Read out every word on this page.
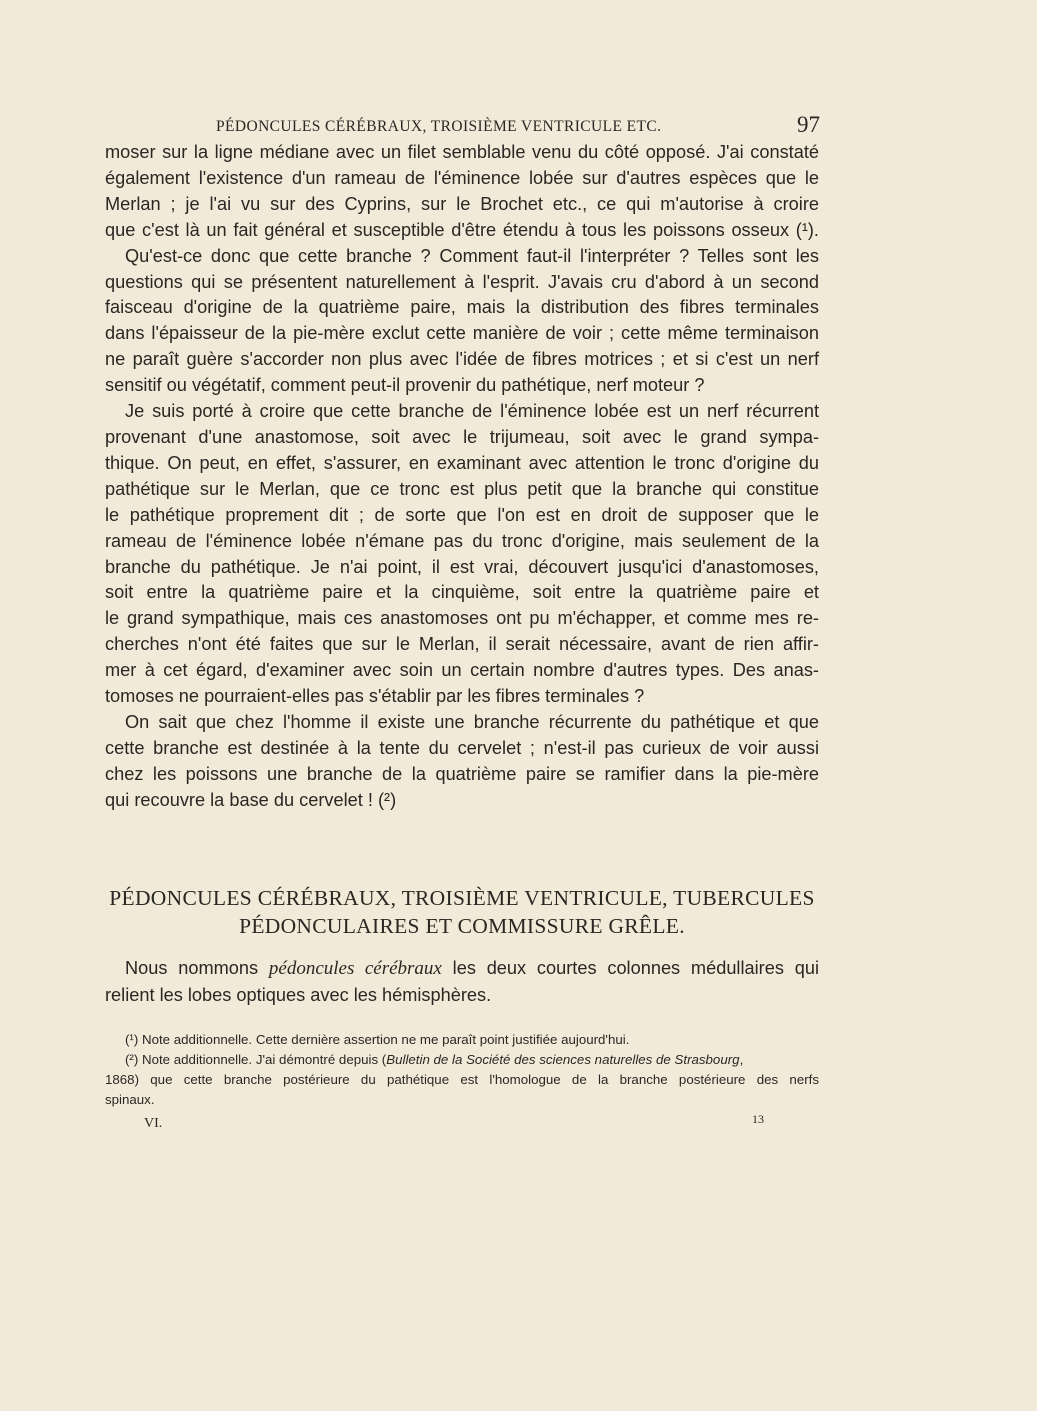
PÉDONCULES CÉRÉBRAUX, TROISIÈME VENTRICULE ETC.	97
moser sur la ligne médiane avec un filet semblable venu du côté opposé. J'ai constaté
également l'existence d'un rameau de l'éminence lobée sur d'autres espèces que le
Merlan ; je l'ai vu sur des Cyprins, sur le Brochet etc., ce qui m'autorise à croire
que c'est là un fait général et susceptible d'être étendu à tous les poissons osseux (¹).
Qu'est-ce donc que cette branche ? Comment faut-il l'interpréter ? Telles sont les
questions qui se présentent naturellement à l'esprit. J'avais cru d'abord à un second
faisceau d'origine de la quatrième paire, mais la distribution des fibres terminales
dans l'épaisseur de la pie-mère exclut cette manière de voir ; cette même terminaison
ne paraît guère s'accorder non plus avec l'idée de fibres motrices ; et si c'est un nerf
sensitif ou végétatif, comment peut-il provenir du pathétique, nerf moteur ?
Je suis porté à croire que cette branche de l'éminence lobée est un nerf récurrent
provenant d'une anastomose, soit avec le trijumeau, soit avec le grand sympa-
thique. On peut, en effet, s'assurer, en examinant avec attention le tronc d'origine du
pathétique sur le Merlan, que ce tronc est plus petit que la branche qui constitue
le pathétique proprement dit ; de sorte que l'on est en droit de supposer que le
rameau de l'éminence lobée n'émane pas du tronc d'origine, mais seulement de la
branche du pathétique. Je n'ai point, il est vrai, découvert jusqu'ici d'anastomoses,
soit entre la quatrième paire et la cinquième, soit entre la quatrième paire et
le grand sympathique, mais ces anastomoses ont pu m'échapper, et comme mes re-
cherches n'ont été faites que sur le Merlan, il serait nécessaire, avant de rien affir-
mer à cet égard, d'examiner avec soin un certain nombre d'autres types. Des anas-
tomoses ne pourraient-elles pas s'établir par les fibres terminales ?
On sait que chez l'homme il existe une branche récurrente du pathétique et que
cette branche est destinée à la tente du cervelet ; n'est-il pas curieux de voir aussi
chez les poissons une branche de la quatrième paire se ramifier dans la pie-mère
qui recouvre la base du cervelet ! (²)
PÉDONCULES CÉRÉBRAUX, TROISIÈME VENTRICULE, TUBERCULES
PÉDONCULAIRES ET COMMISSURE GRÊLE.
Nous nommons pédoncules cérébraux les deux courtes colonnes médullaires qui
relient les lobes optiques avec les hémisphères.
(¹) Note additionnelle. Cette dernière assertion ne me paraît point justifiée aujourd'hui.
(²) Note additionnelle. J'ai démontré depuis (Bulletin de la Société des sciences naturelles de Strasbourg,
1868) que cette branche postérieure du pathétique est l'homologue de la branche postérieure des nerfs
spinaux.
VI.	13
